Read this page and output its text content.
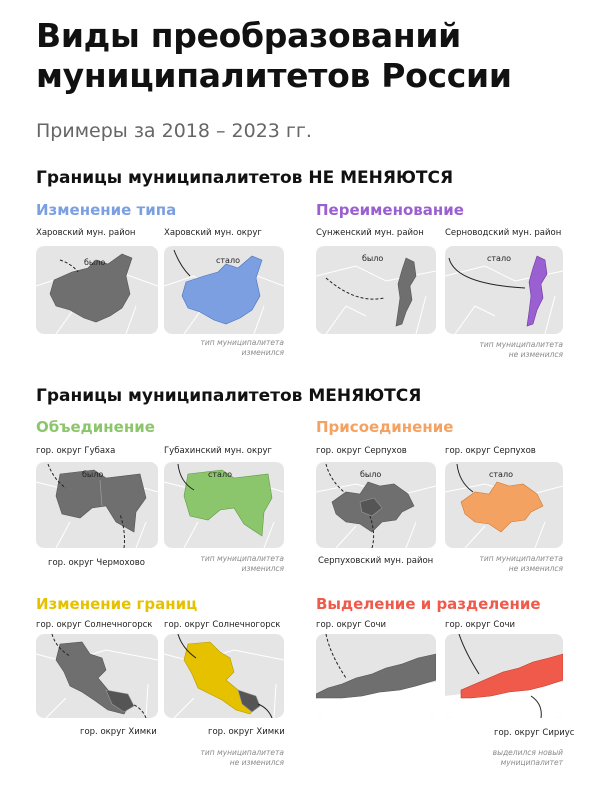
Виды преобразований
муниципалитетов России
Примеры за 2018 – 2023 гг.
Границы муниципалитетов НЕ МЕНЯЮТСЯ
Изменение типа
Харовский мун. район	Харовский мун. округ
было	стало
тип муниципалитета
изменился
Переименование
Сунженский мун. район Серноводский мун. район
было	стало
тип муниципалитета
не изменился
Границы муниципалитетов МЕНЯЮТСЯ
Объединение
гор. округ Губаха	Губахинский мун. округ
было	стало
гор. округ Чермохово	тип муниципалитета
изменился
Присоединение
гор. округ Серпухов	гор. округ Серпухов
было	стало
Серпуховский мун. район	тип муниципалитета
не изменился
Изменение границ
гор. округ Солнечногорск гор. округ Солнечногорск
гор. округ Химки	гор. округ Химки
тип муниципалитета
не изменился
Выделение и разделение
гор. округ Сочи	гор. округ Сочи
гор. округ Сириус
выделился новый
муниципалитет
